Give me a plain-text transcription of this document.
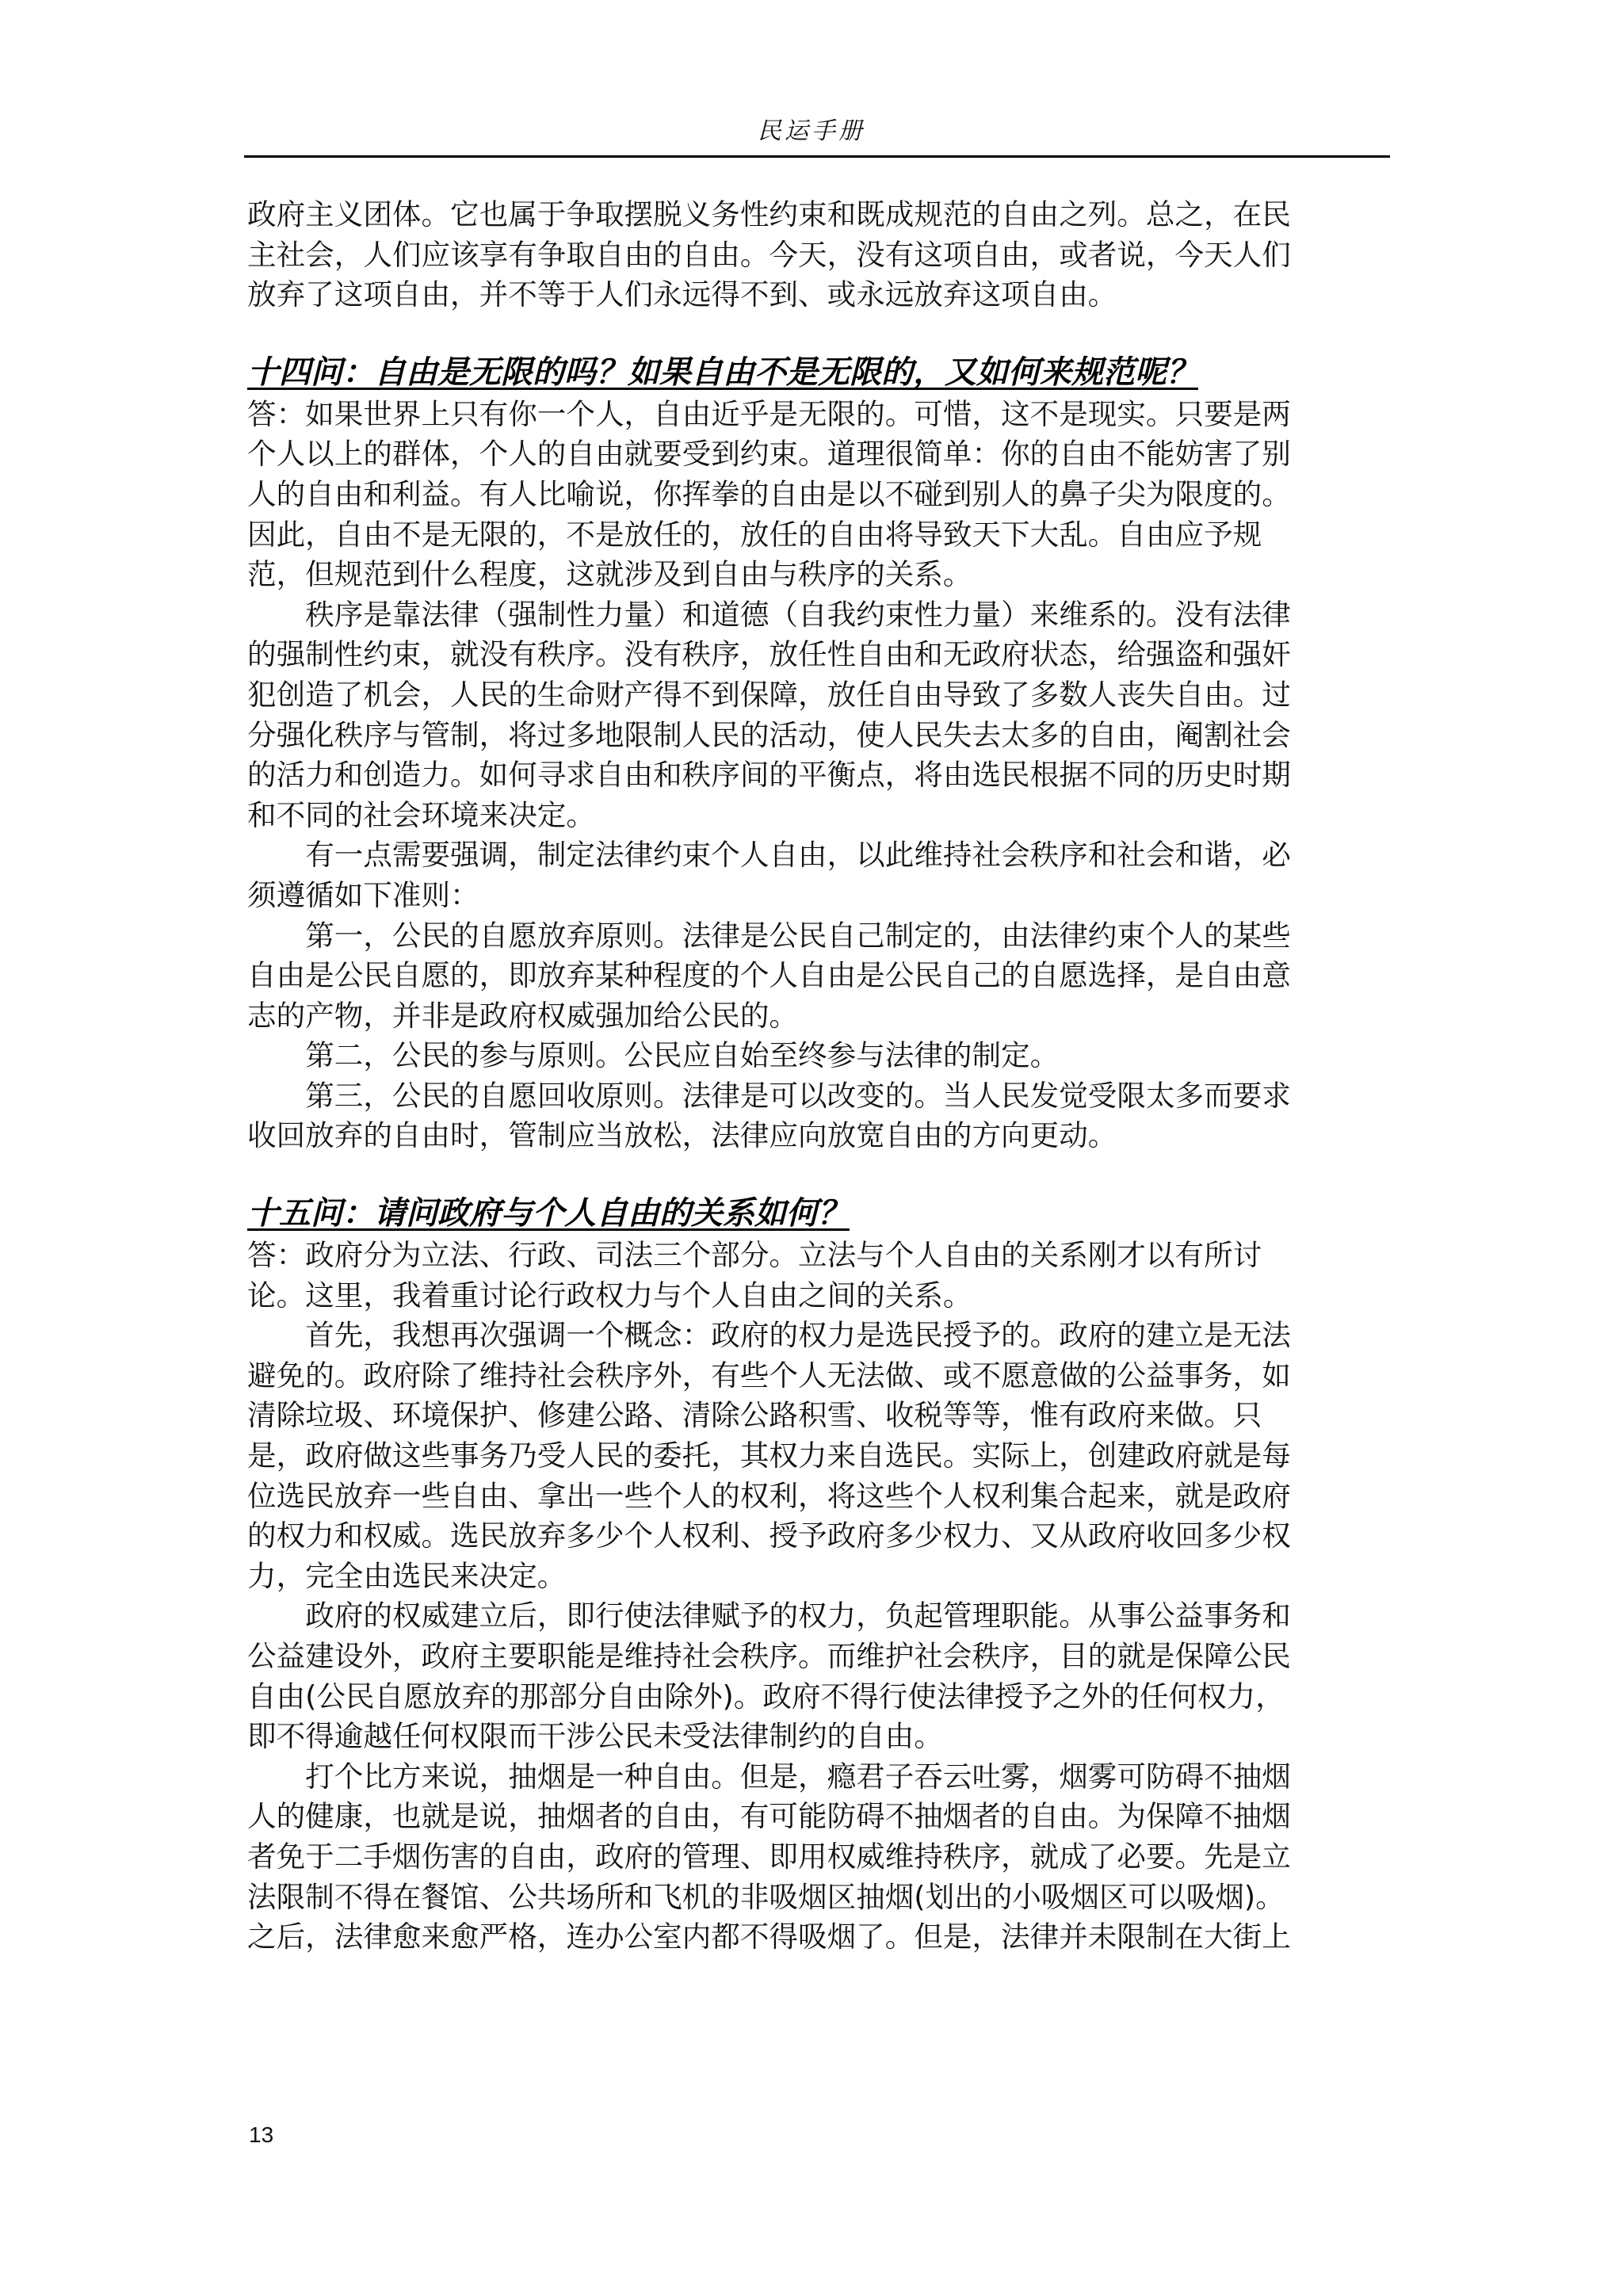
民运手册

政府主义团体。它也属于争取摆脱义务性约束和既成规范的自由之列。总之，在民主社会，人们应该享有争取自由的自由。今天，没有这项自由，或者说，今天人们放弃了这项自由，并不等于人们永远得不到、或永远放弃这项自由。

十四问：自由是无限的吗？如果自由不是无限的，又如何来规范呢？

答：如果世界上只有你一个人，自由近乎是无限的。可惜，这不是现实。只要是两个人以上的群体，个人的自由就要受到约束。道理很简单：你的自由不能妨害了别人的自由和利益。有人比喻说，你挥拳的自由是以不碰到别人的鼻子尖为限度的。因此，自由不是无限的，不是放任的，放任的自由将导致天下大乱。自由应予规范，但规范到什么程度，这就涉及到自由与秩序的关系。

秩序是靠法律（强制性力量）和道德（自我约束性力量）来维系的。没有法律的强制性约束，就没有秩序。没有秩序，放任性自由和无政府状态，给强盗和强奸犯创造了机会，人民的生命财产得不到保障，放任自由导致了多数人丧失自由。过分强化秩序与管制，将过多地限制人民的活动，使人民失去太多的自由，阉割社会的活力和创造力。如何寻求自由和秩序间的平衡点，将由选民根据不同的历史时期和不同的社会环境来决定。

有一点需要强调，制定法律约束个人自由，以此维持社会秩序和社会和谐，必须遵循如下准则：

第一，公民的自愿放弃原则。法律是公民自己制定的，由法律约束个人的某些自由是公民自愿的，即放弃某种程度的个人自由是公民自己的自愿选择，是自由意志的产物，并非是政府权威强加给公民的。

第二，公民的参与原则。公民应自始至终参与法律的制定。

第三，公民的自愿回收原则。法律是可以改变的。当人民发觉受限太多而要求收回放弃的自由时，管制应当放松，法律应向放宽自由的方向更动。

十五问：请问政府与个人自由的关系如何？

答：政府分为立法、行政、司法三个部分。立法与个人自由的关系刚才以有所讨论。这里，我着重讨论行政权力与个人自由之间的关系。

首先，我想再次强调一个概念：政府的权力是选民授予的。政府的建立是无法避免的。政府除了维持社会秩序外，有些个人无法做、或不愿意做的公益事务，如清除垃圾、环境保护、修建公路、清除公路积雪、收税等等，惟有政府来做。只是，政府做这些事务乃受人民的委托，其权力来自选民。实际上，创建政府就是每位选民放弃一些自由、拿出一些个人的权利，将这些个人权利集合起来，就是政府的权力和权威。选民放弃多少个人权利、授予政府多少权力、又从政府收回多少权力，完全由选民来决定。

政府的权威建立后，即行使法律赋予的权力，负起管理职能。从事公益事务和公益建设外，政府主要职能是维持社会秩序。而维护社会秩序，目的就是保障公民自由(公民自愿放弃的那部分自由除外)。政府不得行使法律授予之外的任何权力，即不得逾越任何权限而干涉公民未受法律制约的自由。

打个比方来说，抽烟是一种自由。但是，瘾君子吞云吐雾，烟雾可防碍不抽烟人的健康，也就是说，抽烟者的自由，有可能防碍不抽烟者的自由。为保障不抽烟者免于二手烟伤害的自由，政府的管理、即用权威维持秩序，就成了必要。先是立法限制不得在餐馆、公共场所和飞机的非吸烟区抽烟(划出的小吸烟区可以吸烟)。之后，法律愈来愈严格，连办公室内都不得吸烟了。但是，法律并未限制在大街上

13
